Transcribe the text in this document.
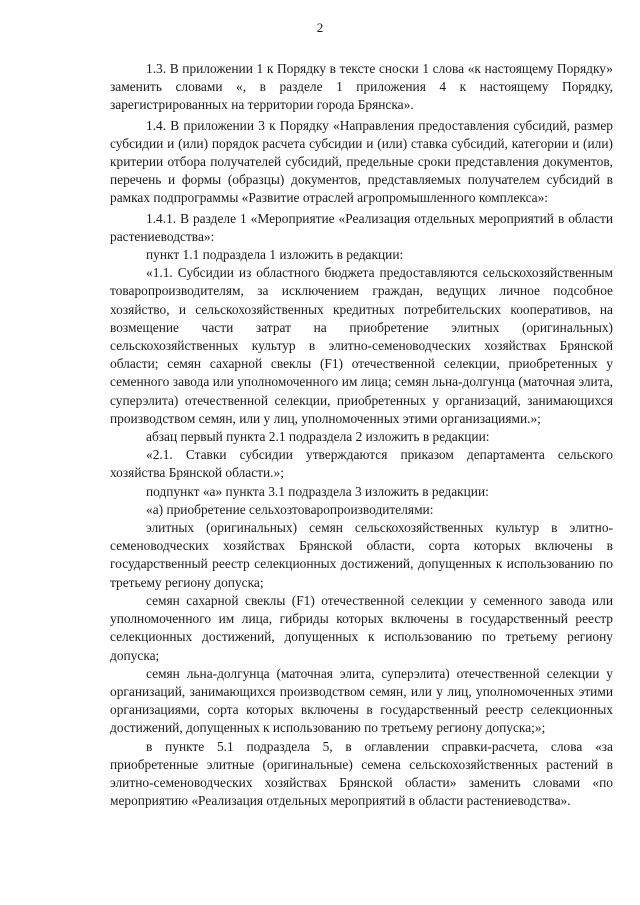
2

1.3. В приложении 1 к Порядку в тексте сноски 1 слова «к настоящему Порядку» заменить словами «, в разделе 1 приложения 4 к настоящему Порядку, зарегистрированных на территории города Брянска».

1.4. В приложении 3 к Порядку «Направления предоставления субсидий, размер субсидии и (или) порядок расчета субсидии и (или) ставка субсидий, категории и (или) критерии отбора получателей субсидий, предельные сроки представления документов, перечень и формы (образцы) документов, представляемых получателем субсидий в рамках подпрограммы «Развитие отраслей агропромышленного комплекса»:

1.4.1. В разделе 1 «Мероприятие «Реализация отдельных мероприятий в области растениеводства»:

пункт 1.1 подраздела 1 изложить в редакции:

«1.1. Субсидии из областного бюджета предоставляются сельскохозяйственным товаропроизводителям, за исключением граждан, ведущих личное подсобное хозяйство, и сельскохозяйственных кредитных потребительских кооперативов, на возмещение части затрат на приобретение элитных (оригинальных) сельскохозяйственных культур в элитно-семеноводческих хозяйствах Брянской области; семян сахарной свеклы (F1) отечественной селекции, приобретенных у семенного завода или уполномоченного им лица; семян льна-долгунца (маточная элита, суперэлита) отечественной селекции, приобретенных у организаций, занимающихся производством семян, или у лиц, уполномоченных этими организациями.»;

абзац первый пункта 2.1 подраздела 2 изложить в редакции:

«2.1. Ставки субсидии утверждаются приказом департамента сельского хозяйства Брянской области.»;

подпункт «а» пункта 3.1 подраздела 3 изложить в редакции:

«а) приобретение сельхозтоваропроизводителями:

элитных (оригинальных) семян сельскохозяйственных культур в элитно-семеноводческих хозяйствах Брянской области, сорта которых включены в государственный реестр селекционных достижений, допущенных к использованию по третьему региону допуска;

семян сахарной свеклы (F1) отечественной селекции у семенного завода или уполномоченного им лица, гибриды которых включены в государственный реестр селекционных достижений, допущенных к использованию по третьему региону допуска;

семян льна-долгунца (маточная элита, суперэлита) отечественной селекции у организаций, занимающихся производством семян, или у лиц, уполномоченных этими организациями, сорта которых включены в государственный реестр селекционных достижений, допущенных к использованию по третьему региону допуска;»;

в пункте 5.1 подраздела 5, в оглавлении справки-расчета, слова «за приобретенные элитные (оригинальные) семена сельскохозяйственных растений в элитно-семеноводческих хозяйствах Брянской области» заменить словами «по мероприятию «Реализация отдельных мероприятий в области растениеводства».
